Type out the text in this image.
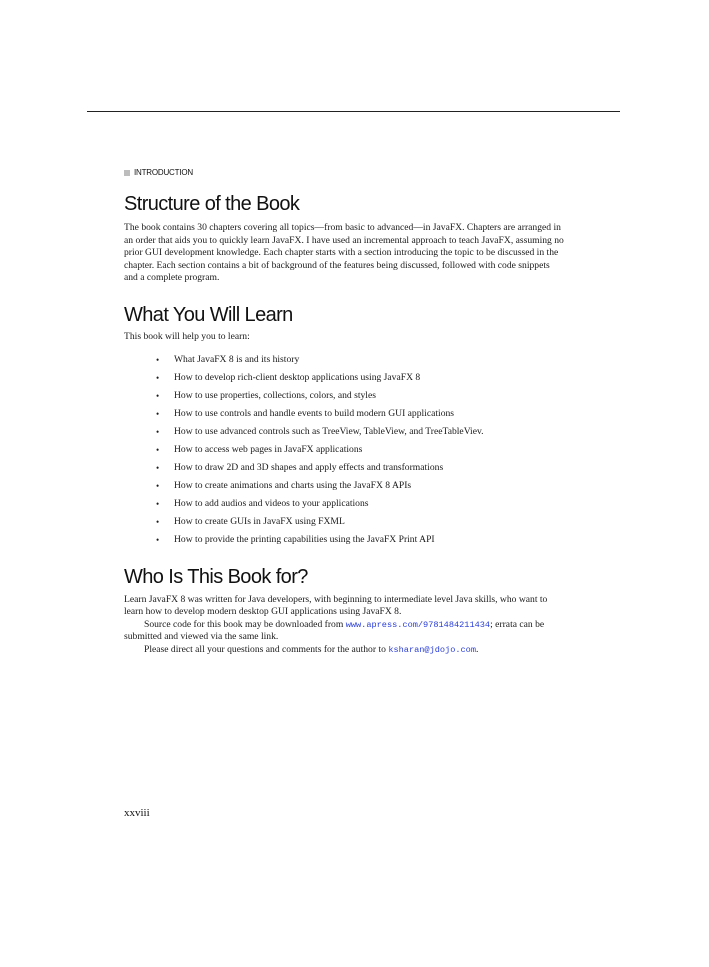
INTRODUCTION
Structure of the Book

The book contains 30 chapters covering all topics—from basic to advanced—in JavaFX. Chapters are arranged in an order that aids you to quickly learn JavaFX. I have used an incremental approach to teach JavaFX, assuming no prior GUI development knowledge. Each chapter starts with a section introducing the topic to be discussed in the chapter. Each section contains a bit of background of the features being discussed, followed with code snippets and a complete program.

What You Will Learn

This book will help you to learn:

• What JavaFX 8 is and its history
• How to develop rich-client desktop applications using JavaFX 8
• How to use properties, collections, colors, and styles
• How to use controls and handle events to build modern GUI applications
• How to use advanced controls such as TreeView, TableView, and TreeTableViev.
• How to access web pages in JavaFX applications
• How to draw 2D and 3D shapes and apply effects and transformations
• How to create animations and charts using the JavaFX 8 APIs
• How to add audios and videos to your applications
• How to create GUIs in JavaFX using FXML
• How to provide the printing capabilities using the JavaFX Print API
Who Is This Book for?

Learn JavaFX 8 was written for Java developers, with beginning to intermediate level Java skills, who want to learn how to develop modern desktop GUI applications using JavaFX 8.

Source code for this book may be downloaded from www.apress.com/9781484211434; errata can be submitted and viewed via the same link.

Please direct all your questions and comments for the author to ksharan@jdojo.com.

xxviii
